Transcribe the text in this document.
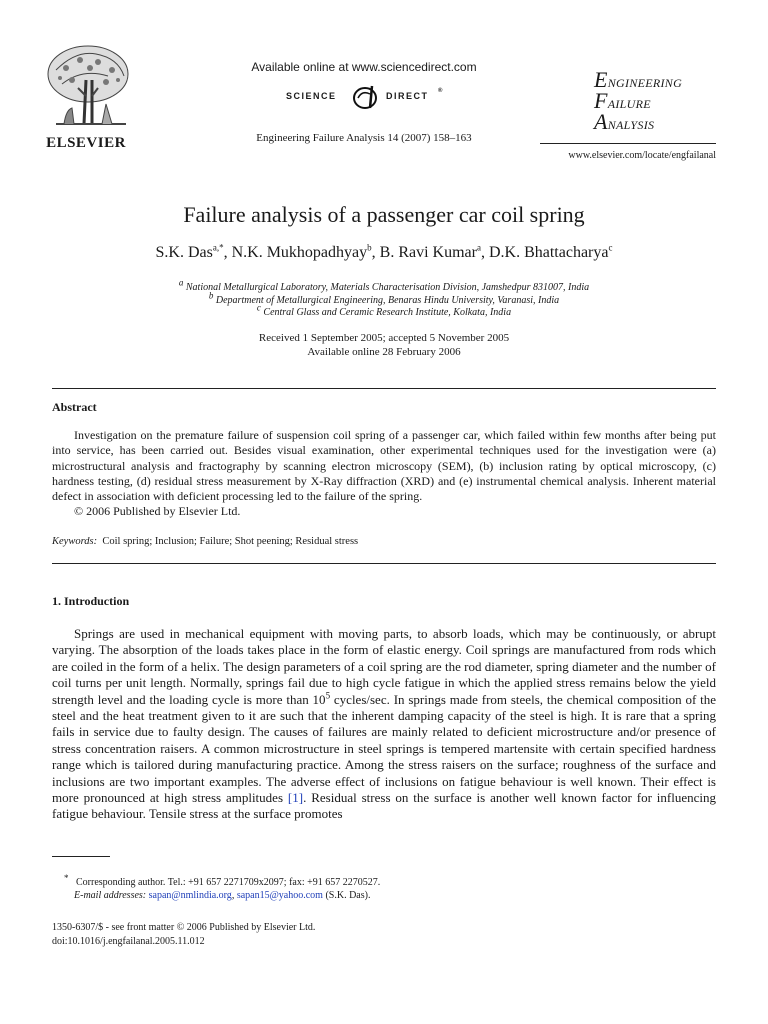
ELSEVIER
Available online at www.sciencedirect.com
SCIENCE	DIRECT ®
Engineering Failure Analysis 14 (2007) 158–163
Engineering
Failure
Analysis
www.elsevier.com/locate/engfailanal
Failure analysis of a passenger car coil spring
S.K. Das$^{a,*}$, N.K. Mukhopadhyay$^b$, B. Ravi Kumar$^a$, D.K. Bhattacharya$^c$
$^a$ National Metallurgical Laboratory, Materials Characterisation Division, Jamshedpur 831007, India
$^b$ Department of Metallurgical Engineering, Benaras Hindu University, Varanasi, India
$^c$ Central Glass and Ceramic Research Institute, Kolkata, India
Received 1 September 2005; accepted 5 November 2005
Available online 28 February 2006
Abstract
Investigation on the premature failure of suspension coil spring of a passenger car, which failed within few months after being put into service, has been carried out. Besides visual examination, other experimental techniques used for the investigation were (a) microstructural analysis and fractography by scanning electron microscopy (SEM), (b) inclusion rating by optical microscopy, (c) hardness testing, (d) residual stress measurement by X-Ray diffraction (XRD) and (e) instrumental chemical analysis. Inherent material defect in association with deficient processing led to the failure of the spring.
© 2006 Published by Elsevier Ltd.
Keywords: Coil spring; Inclusion; Failure; Shot peening; Residual stress
1. Introduction
Springs are used in mechanical equipment with moving parts, to absorb loads, which may be continuously, or abrupt varying. The absorption of the loads takes place in the form of elastic energy. Coil springs are manufactured from rods which are coiled in the form of a helix. The design parameters of a coil spring are the rod diameter, spring diameter and the number of coil turns per unit length. Normally, springs fail due to high cycle fatigue in which the applied stress remains below the yield strength level and the loading cycle is more than $10^5$ cycles/sec. In springs made from steels, the chemical composition of the steel and the heat treatment given to it are such that the inherent damping capacity of the steel is high. It is rare that a spring fails in service due to faulty design. The causes of failures are mainly related to deficient microstructure and/or presence of stress concentration raisers. A common microstructure in steel springs is tempered martensite with certain specified hardness range which is tailored during manufacturing practice. Among the stress raisers on the surface; roughness of the surface and inclusions are two important examples. The adverse effect of inclusions on fatigue behaviour is well known. Their effect is more pronounced at high stress amplitudes [1]. Residual stress on the surface is another well known factor for influencing fatigue behaviour. Tensile stress at the surface promotes
* Corresponding author. Tel.: +91 657 2271709x2097; fax: +91 657 2270527.
E-mail addresses: sapan@nmlindia.org, sapan15@yahoo.com (S.K. Das).
1350-6307/$ - see front matter © 2006 Published by Elsevier Ltd.
doi:10.1016/j.engfailanal.2005.11.012
